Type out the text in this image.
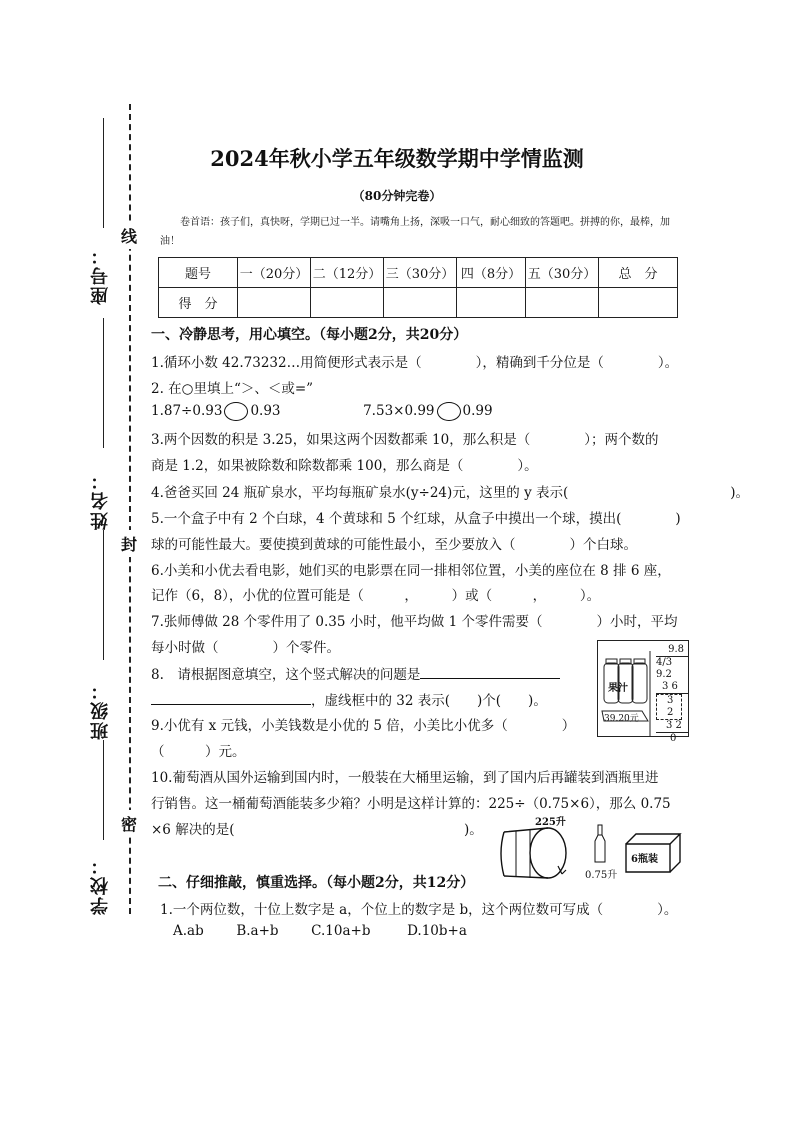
座号：
姓名：
班级：
学校：
线
封
密
2024年秋小学五年级数学期中学情监测
（80分钟完卷）
卷首语：孩子们，真快呀，学期已过一半。请嘴角上扬，深吸一口气，耐心细致的答题吧。拼搏的你，最棒，加油！
题号	一（20分）	二（12分）	三（30分）	四（8分）	五（30分）	总　分
得　分						
一、冷静思考，用心填空。（每小题2分，共20分）
1.循环小数 42.73232…用简便形式表示是（　　　　），精确到千分位是（　　　　）。
2. 在○里填上“＞、＜或=”
1.87÷0.93 0.93	7.53×0.99 0.99
3.两个因数的积是 3.25，如果这两个因数都乘 10，那么积是（　　　　）；两个数的
商是 1.2，如果被除数和除数都乘 100，那么商是（　　　　）。
4.爸爸买回 24 瓶矿泉水，平均每瓶矿泉水(y÷24)元，这里的 y 表示(　　　　　　　　　　　　)。
5.一个盒子中有 2 个白球，4 个黄球和 5 个红球，从盒子中摸出一个球，摸出(　　　　)
球的可能性最大。要使摸到黄球的可能性最小，至少要放入（　　　　）个白球。
6.小美和小优去看电影，她们买的电影票在同一排相邻位置，小美的座位在 8 排 6 座，
记作（6，8），小优的位置可能是（　　　，　　　）或（　　　，　　　）。
7.张师傅做 28 个零件用了 0.35 小时，他平均做 1 个零件需要（　　　　）小时，平均
每小时做（　　　　）个零件。
8.　请根据图意填空，这个竖式解决的问题是
，虚线框中的 32 表示(　　)个(　　)。
9.小优有 x 元钱，小美钱数是小优的 5 倍，小美比小优多（　　　　）
（　　　）元。
10.葡萄酒从国外运输到国内时，一般装在大桶里运输，到了国内后再罐装到酒瓶里进
行销售。这一桶葡萄酒能装多少箱？小明是这样计算的：225÷（0.75×6），那么 0.75
×6 解决的是(　　　　　　　　　　　　　　　　　)。
果汁
39.20元
9.8
4/3 9.2
3 6
3 2
3 2
0
225升
0.75升
6瓶装
二、仔细推敲，慎重选择。（每小题2分，共12分）
1.一个两位数，十位上数字是 a，个位上的数字是 b，这个两位数可写成（　　　　）。
A.ab B.a+b C.10a+b	D.10b+a
